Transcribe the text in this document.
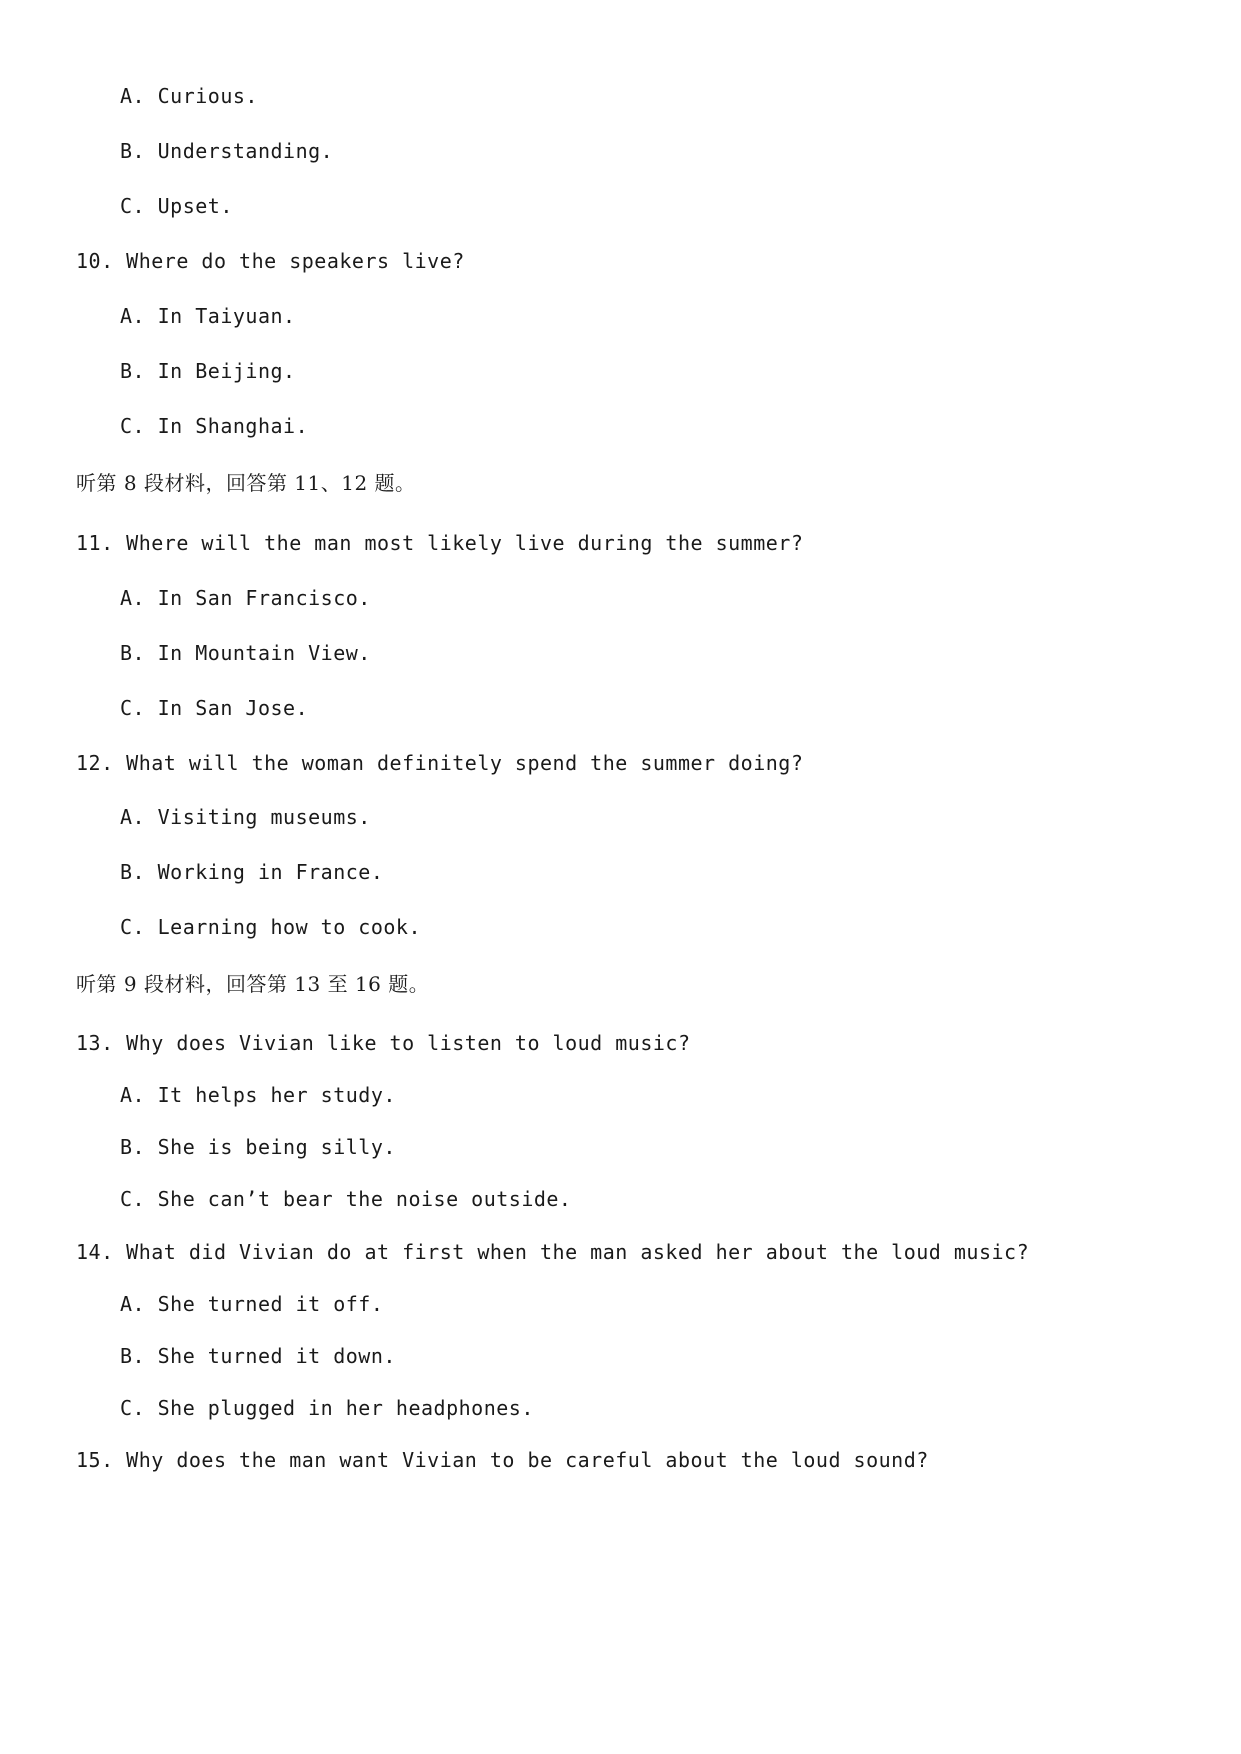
A. Curious.
B. Understanding.
C. Upset.
10. Where do the speakers live?
A. In Taiyuan.
B. In Beijing.
C. In Shanghai.
听第 8 段材料，回答第 11、12 题。
11. Where will the man most likely live during the summer?
A. In San Francisco.
B. In Mountain View.
C. In San Jose.
12. What will the woman definitely spend the summer doing?
A. Visiting museums.
B. Working in France.
C. Learning how to cook.
听第 9 段材料，回答第 13 至 16 题。
13. Why does Vivian like to listen to loud music?
A. It helps her study.
B. She is being silly.
C. She can’t bear the noise outside.
14. What did Vivian do at first when the man asked her about the loud music?
A. She turned it off.
B. She turned it down.
C. She plugged in her headphones.
15. Why does the man want Vivian to be careful about the loud sound?
